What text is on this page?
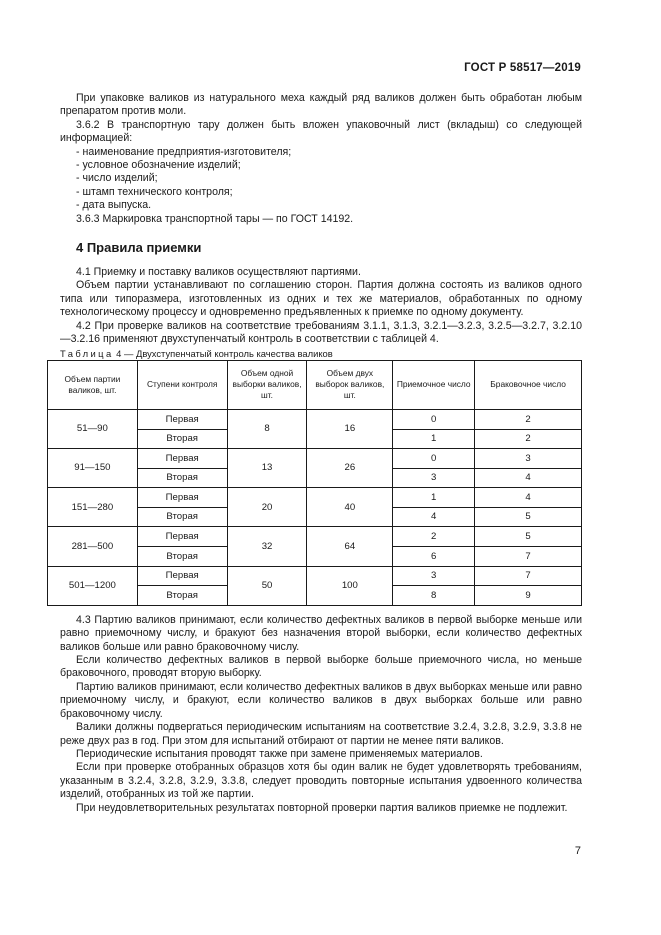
ГОСТ Р 58517—2019

При упаковке валиков из натурального меха каждый ряд валиков должен быть обработан любым препаратом против моли.

3.6.2 В транспортную тару должен быть вложен упаковочный лист (вкладыш) со следующей информацией:

- наименование предприятия-изготовителя;

- условное обозначение изделий;

- число изделий;

- штамп технического контроля;

- дата выпуска.

3.6.3 Маркировка транспортной тары — по ГОСТ 14192.

4 Правила приемки

4.1 Приемку и поставку валиков осуществляют партиями.

Объем партии устанавливают по соглашению сторон. Партия должна состоять из валиков одного типа или типоразмера, изготовленных из одних и тех же материалов, обработанных по одному технологическому процессу и одновременно предъявленных к приемке по одному документу.

4.2 При проверке валиков на соответствие требованиям 3.1.1, 3.1.3, 3.2.1—3.2.3, 3.2.5—3.2.7, 3.2.10—3.2.16 применяют двухступенчатый контроль в соответствии с таблицей 4.

Таблица 4 — Двухступенчатый контроль качества валиков

Объем партии валиков, шт.	Ступени контроля	Объем одной выборки валиков, шт.	Объем двух выборок валиков, шт.	Приемочное число	Браковочное число
51—90	Первая	8	16	0	2
	Вторая			1	2
91—150	Первая	13	26	0	3
	Вторая			3	4
151—280	Первая	20	40	1	4
	Вторая			4	5
281—500	Первая	32	64	2	5
	Вторая			6	7
501—1200	Первая	50	100	3	7
	Вторая			8	9

4.3 Партию валиков принимают, если количество дефектных валиков в первой выборке меньше или равно приемочному числу, и бракуют без назначения второй выборки, если количество дефектных валиков больше или равно браковочному числу.

Если количество дефектных валиков в первой выборке больше приемочного числа, но меньше браковочного, проводят вторую выборку.

Партию валиков принимают, если количество дефектных валиков в двух выборках меньше или равно приемочному числу, и бракуют, если количество валиков в двух выборках больше или равно браковочному числу.

Валики должны подвергаться периодическим испытаниям на соответствие 3.2.4, 3.2.8, 3.2.9, 3.3.8 не реже двух раз в год. При этом для испытаний отбирают от партии не менее пяти валиков.

Периодические испытания проводят также при замене применяемых материалов.

Если при проверке отобранных образцов хотя бы один валик не будет удовлетворять требованиям, указанным в 3.2.4, 3.2.8, 3.2.9, 3.3.8, следует проводить повторные испытания удвоенного количества изделий, отобранных из той же партии.

При неудовлетворительных результатах повторной проверки партия валиков приемке не подлежит.

7
